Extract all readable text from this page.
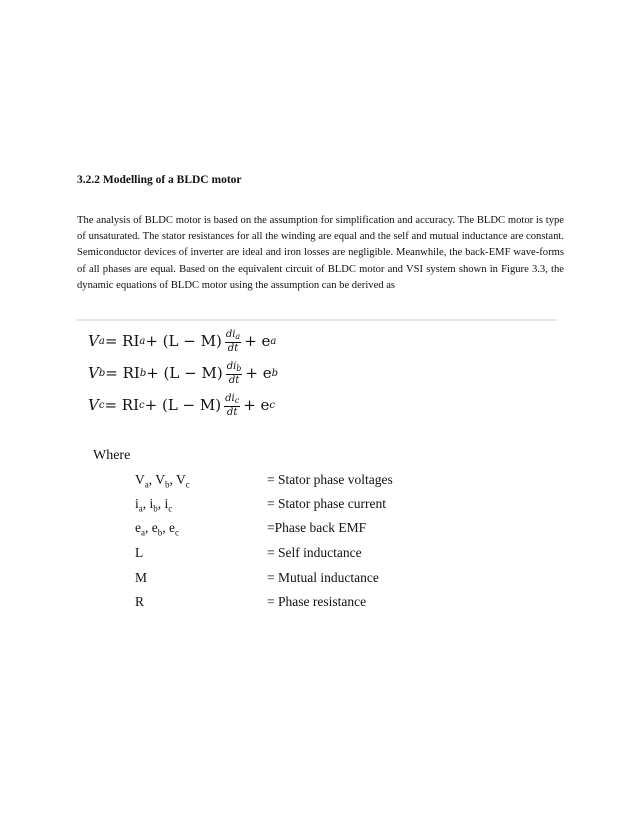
3.2.2 Modelling of a BLDC motor

The analysis of BLDC motor is based on the assumption for simplification and accuracy. The BLDC motor is type of unsaturated. The stator resistances for all the winding are equal and the self and mutual inductance are constant. Semiconductor devices of inverter are ideal and iron losses are negligible. Meanwhile, the back-EMF wave-forms of all phases are equal. Based on the equivalent circuit of BLDC motor and VSI system shown in Figure 3.3, the dynamic equations of BLDC motor using the assumption can be derived as

V a = RI $a + (L - M) \frac{di_a}{dt} + e$ a
V b = RI $b + (L - M) \frac{di_b}{dt} + e$ b
V c = RI $c + (L - M) \frac{di_c}{dt} + e$ c

Where

$V_a$, $V_b$, $V_c$	= Stator phase voltages
$i_a$, $i_b$, $i_c$	= Stator phase current
$e_a$, $e_b$, $e_c$	=Phase back EMF
L	= Self inductance
M	= Mutual inductance
R	= Phase resistance
